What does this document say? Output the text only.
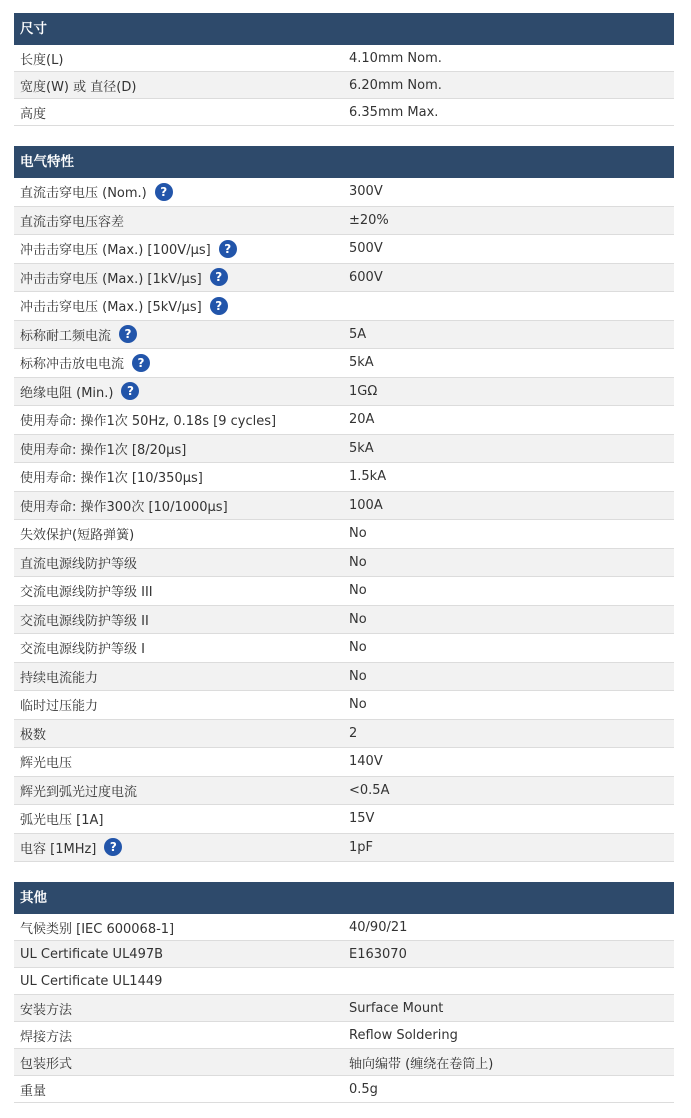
尺寸
长度(L)	4.10mm Nom.
宽度(W) 或 直径(D)	6.20mm Nom.
高度	6.35mm Max.
电气特性
直流击穿电压 (Nom.)	?	300V
直流击穿电压容差	±20%
冲击击穿电压 (Max.) [100V/µs]	?	500V
冲击击穿电压 (Max.) [1kV/µs]	?	600V
冲击击穿电压 (Max.) [5kV/µs]	?
标称耐工频电流	?	5A
标称冲击放电电流	?	5kA
绝缘电阻 (Min.)	?	1GΩ
使用寿命: 操作1次 50Hz, 0.18s [9 cycles]	20A
使用寿命: 操作1次 [8/20µs]	5kA
使用寿命: 操作1次 [10/350µs]	1.5kA
使用寿命: 操作300次 [10/1000µs]	100A
失效保护(短路弹簧)	No
直流电源线防护等级	No
交流电源线防护等级 III	No
交流电源线防护等级 II	No
交流电源线防护等级 I	No
持续电流能力	No
临时过压能力	No
极数	2
辉光电压	140V
辉光到弧光过度电流	<0.5A
弧光电压 [1A]	15V
电容 [1MHz]	?	1pF
其他
气候类别 [IEC 600068-1]	40/90/21
UL Certificate UL497B	E163070
UL Certificate UL1449
安装方法	Surface Mount
焊接方法	Reflow Soldering
包装形式	轴向编带 (缠绕在卷筒上)
重量	0.5g
